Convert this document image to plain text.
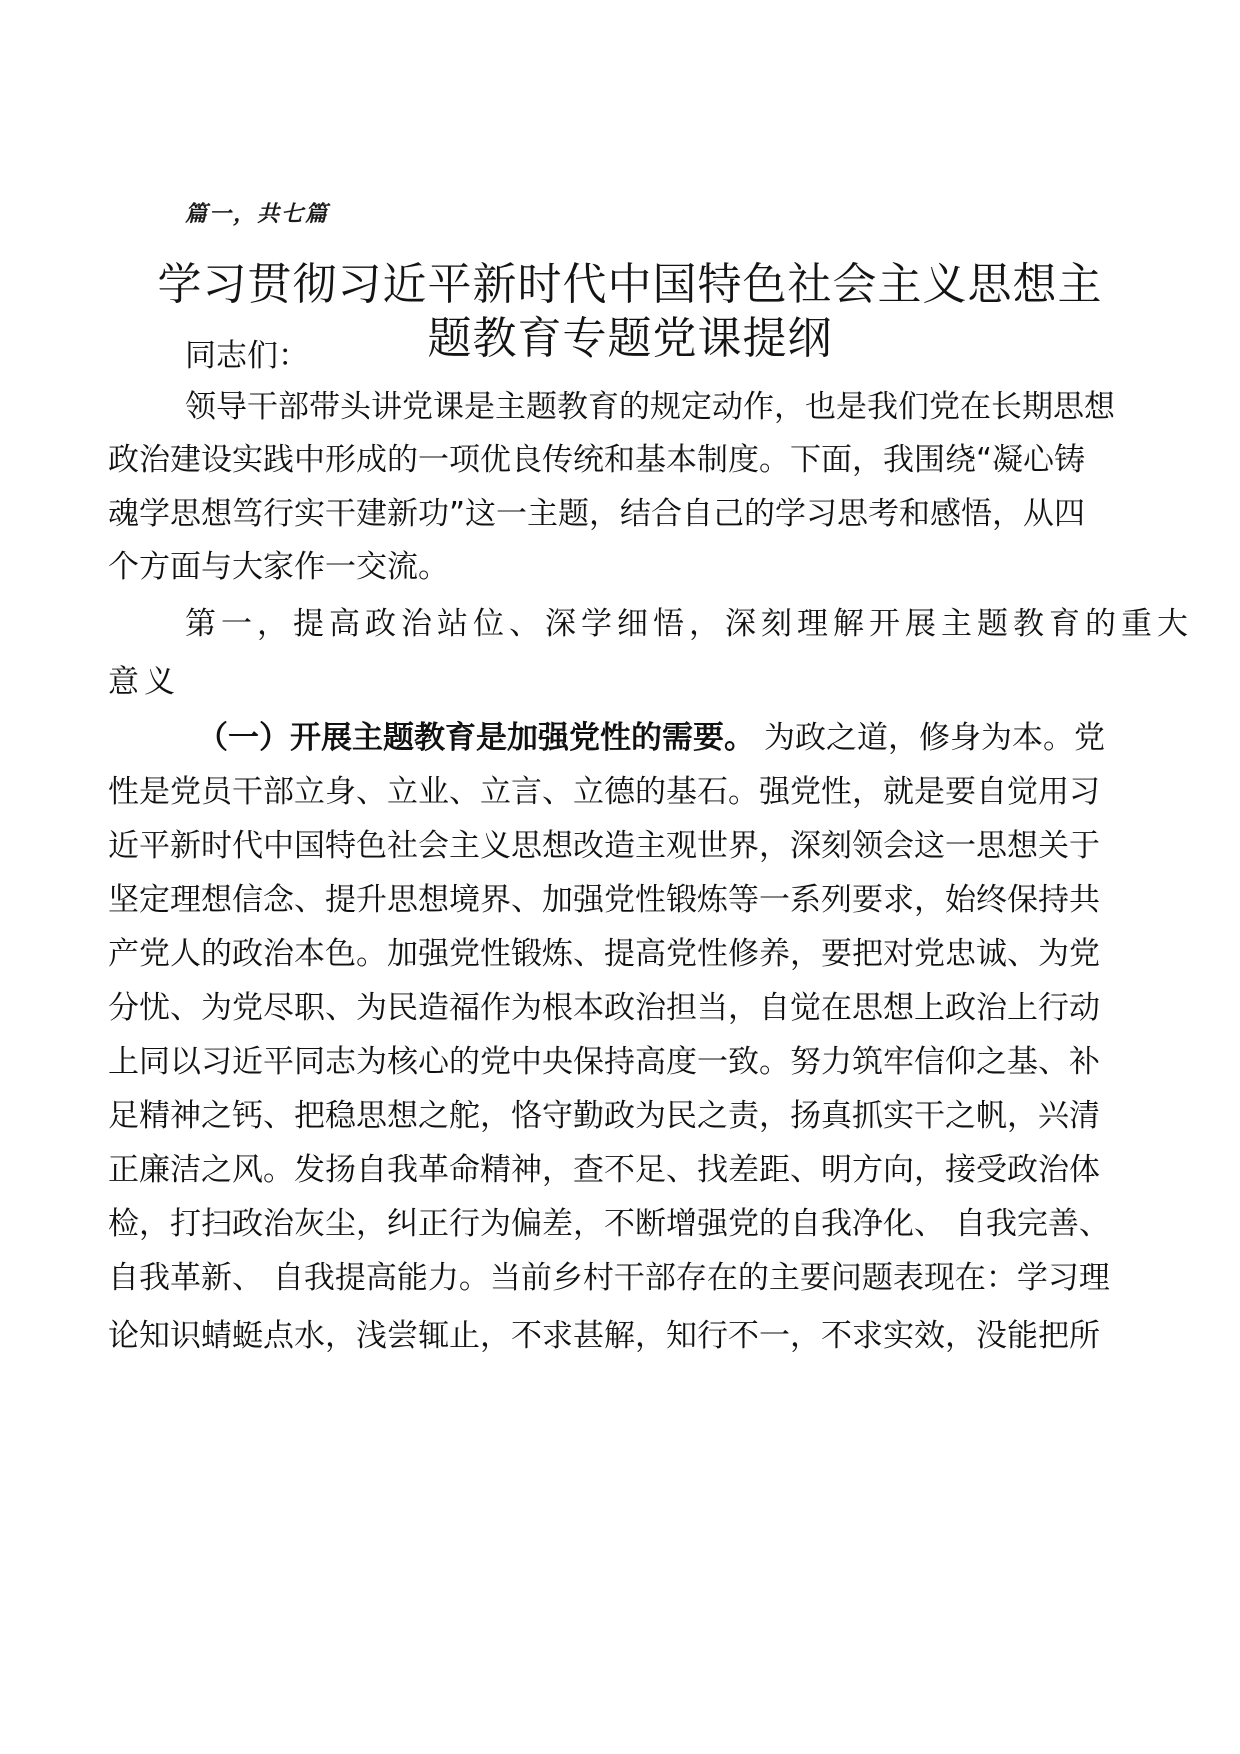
篇一，共七篇
学习贯彻习近平新时代中国特色社会主义思想主
题教育专题党课提纲
同志们：
领导干部带头讲党课是主题教育的规定动作，也是我们党在长期思想
政治建设实践中形成的一项优良传统和基本制度。下面，我围绕“凝心铸
魂学思想笃行实干建新功”这一主题，结合自己的学习思考和感悟，从四
个方面与大家作一交流。
第一，提高政治站位、深学细悟，深刻理解开展主题教育的重大
意义
（一）开展主题教育是加强党性的需要。 为政之道，修身为本。党
性是党员干部立身、立业、立言、立德的基石。强党性，就是要自觉用习
近平新时代中国特色社会主义思想改造主观世界，深刻领会这一思想关于
坚定理想信念、提升思想境界、加强党性锻炼等一系列要求，始终保持共
产党人的政治本色。加强党性锻炼、提高党性修养，要把对党忠诚、为党
分忧、为党尽职、为民造福作为根本政治担当，自觉在思想上政治上行动
上同以习近平同志为核心的党中央保持高度一致。努力筑牢信仰之基、补
足精神之钙、把稳思想之舵，恪守勤政为民之责，扬真抓实干之帆，兴清
正廉洁之风。发扬自我革命精神，查不足、找差距、明方向，接受政治体
检，打扫政治灰尘，纠正行为偏差，不断增强党的自我净化、 自我完善、
自我革新、 自我提高能力。当前乡村干部存在的主要问题表现在：学习理
论知识蜻蜓点水，浅尝辄止，不求甚解，知行不一，不求实效，没能把所
